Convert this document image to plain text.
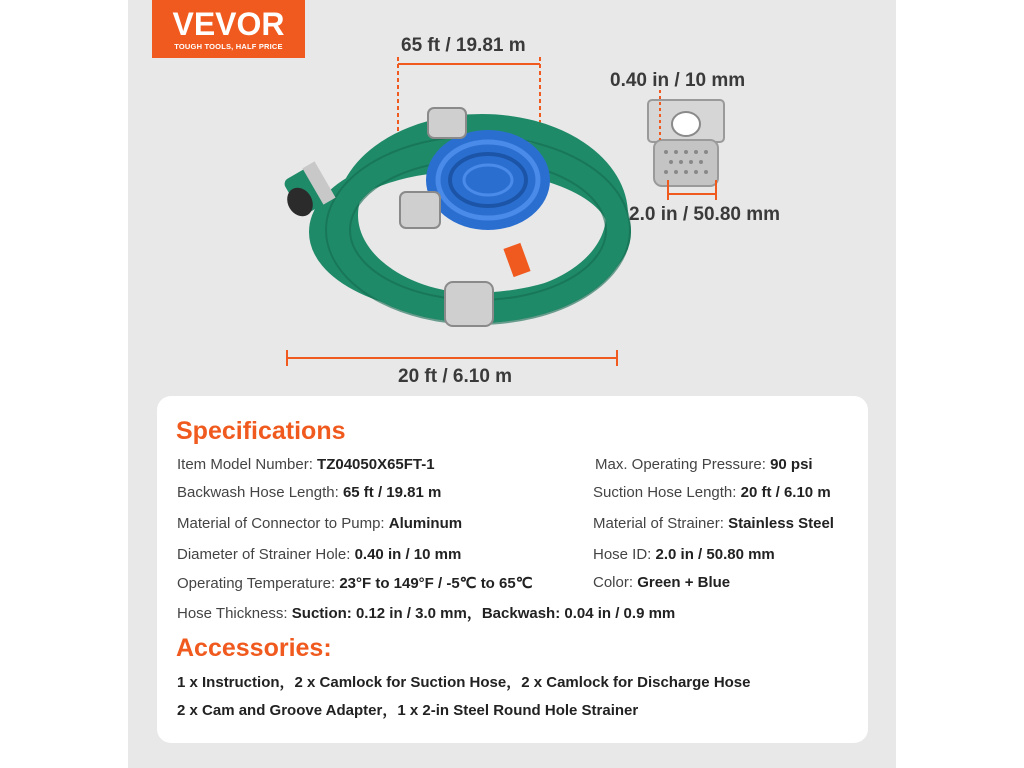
VEVOR
TOUGH TOOLS, HALF PRICE	65 ft / 19.81 m
0.40 in / 10 mm
2.0 in / 50.80 mm
20 ft / 6.10 m
Specifications
Item Model Number: TZ04050X65FT-1	Max. Operating Pressure: 90 psi
Backwash Hose Length: 65 ft / 19.81 m	Suction Hose Length: 20 ft / 6.10 m
Material of Connector to Pump: Aluminum	Material of Strainer: Stainless Steel
Diameter of Strainer Hole: 0.40 in / 10 mm	Hose ID: 2.0 in / 50.80 mm
Operating Temperature: 23°F to 149°F / -5℃ to 65℃	Color: Green + Blue
Hose Thickness: Suction: 0.12 in / 3.0 mm，Backwash: 0.04 in / 0.9 mm
Accessories:
1 x Instruction，2 x Camlock for Suction Hose，2 x Camlock for Discharge Hose
2 x Cam and Groove Adapter，1 x 2-in Steel Round Hole Strainer
